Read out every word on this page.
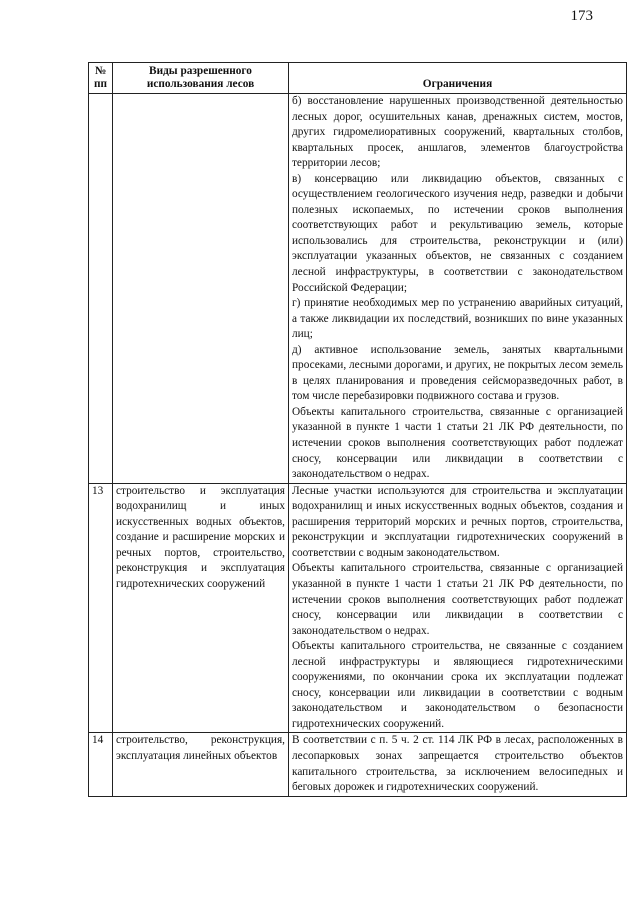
173
№ пп	Виды разрешенного использования лесов	Ограничения

		б) восстановление нарушенных производственной деятельностью лесных дорог, осушительных канав, дренажных систем, мостов, других гидромелиоративных сооружений, квартальных столбов, квартальных просек, аншлагов, элементов благоустройства территории лесов;

в) консервацию или ликвидацию объектов, связанных с осуществлением геологического изучения недр, разведки и добычи полезных ископаемых, по истечении сроков выполнения соответствующих работ и рекультивацию земель, которые использовались для строительства, реконструкции и (или) эксплуатации указанных объектов, не связанных с созданием лесной инфраструктуры, в соответствии с законодательством Российской Федерации;

г) принятие необходимых мер по устранению аварийных ситуаций, а также ликвидации их последствий, возникших по вине указанных лиц;

д) активное использование земель, занятых квартальными просеками, лесными дорогами, и других, не покрытых лесом земель в целях планирования и проведения сейсморазведочных работ, в том числе перебазировки подвижного состава и грузов.

Объекты капитального строительства, связанные с организацией указанной в пункте 1 части 1 статьи 21 ЛК РФ деятельности, по истечении сроков выполнения соответствующих работ подлежат сносу, консервации или ликвидации в соответствии с законодательством о недрах.

13	строительство и эксплуатация водохранилищ и иных искусственных водных объектов, создание и расширение морских и речных портов, строительство, реконструкция и эксплуатация гидротехнических сооружений	Лесные участки используются для строительства и эксплуатации водохранилищ и иных искусственных водных объектов, создания и расширения территорий морских и речных портов, строительства, реконструкции и эксплуатации гидротехнических сооружений в соответствии с водным законодательством.

Объекты капитального строительства, связанные с организацией указанной в пункте 1 части 1 статьи 21 ЛК РФ деятельности, по истечении сроков выполнения соответствующих работ подлежат сносу, консервации или ликвидации в соответствии с законодательством о недрах.

Объекты капитального строительства, не связанные с созданием лесной инфраструктуры и являющиеся гидротехническими сооружениями, по окончании срока их эксплуатации подлежат сносу, консервации или ликвидации в соответствии с водным законодательством и законодательством о безопасности гидротехнических сооружений.

14	строительство, реконструкция, эксплуатация линейных объектов	В соответствии с п. 5 ч. 2 ст. 114 ЛК РФ в лесах, расположенных в лесопарковых зонах запрещается строительство объектов капитального строительства, за исключением велосипедных и беговых дорожек и гидротехнических сооружений.
